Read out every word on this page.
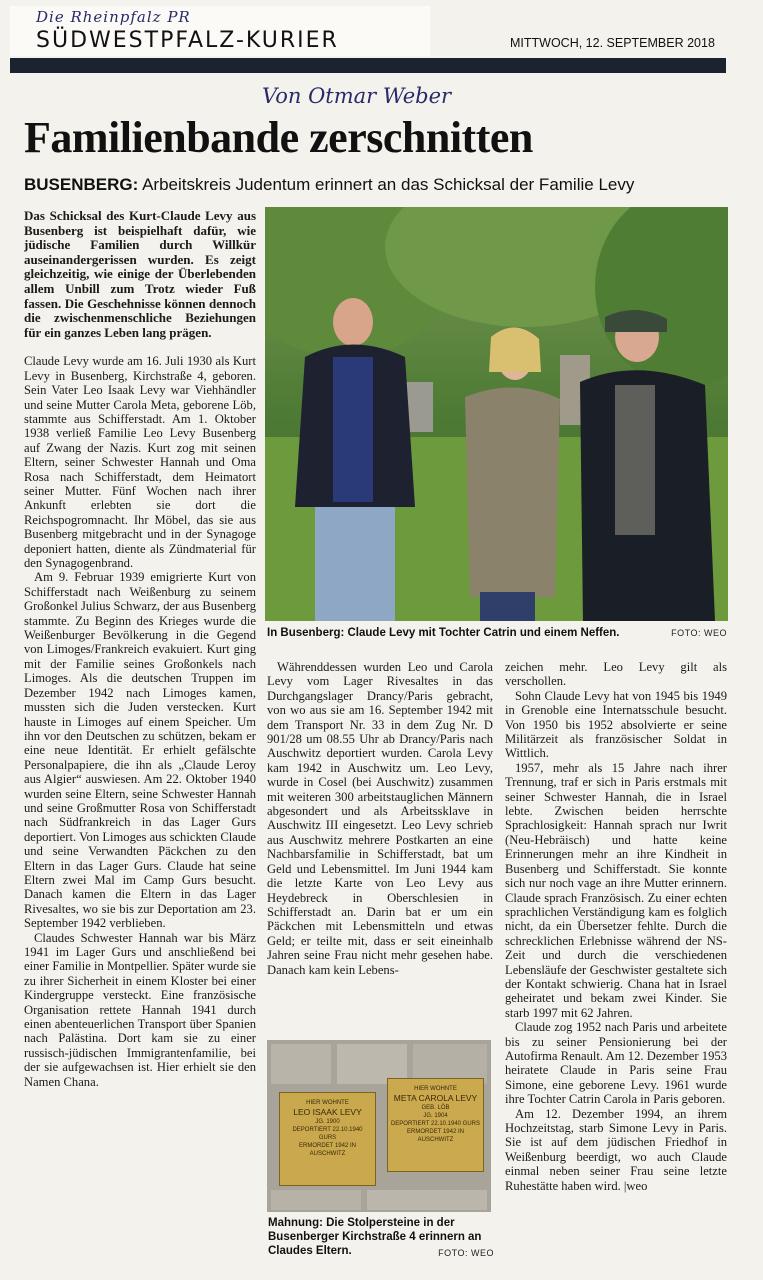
Die Rheinpfalz PR
SÜDWESTPFALZ-KURIER	MITTWOCH, 12. SEPTEMBER 2018
Von Otmar Weber
Familienbande zerschnitten
BUSENBERG: Arbeitskreis Judentum erinnert an das Schicksal der Familie Levy

Das Schicksal des Kurt-Claude Levy aus Busenberg ist beispielhaft dafür, wie jüdische Familien durch Willkür auseinandergerissen wurden. Es zeigt gleichzeitig, wie einige der Überlebenden allem Unbill zum Trotz wieder Fuß fassen. Die Geschehnisse können dennoch die zwischenmenschliche Beziehungen für ein ganzes Leben lang prägen.

Claude Levy wurde am 16. Juli 1930 als Kurt Levy in Busenberg, Kirchstraße 4, geboren. Sein Vater Leo Isaak Levy war Viehhändler und seine Mutter Carola Meta, geborene Löb, stammte aus Schifferstadt. Am 1. Oktober 1938 verließ Familie Leo Levy Busenberg auf Zwang der Nazis. Kurt zog mit seinen Eltern, seiner Schwester Hannah und Oma Rosa nach Schifferstadt, dem Heimatort seiner Mutter. Fünf Wochen nach ihrer Ankunft erlebten sie dort die Reichspogromnacht. Ihr Möbel, das sie aus Busenberg mitgebracht und in der Synagoge deponiert hatten, diente als Zündmaterial für den Synagogenbrand.

Am 9. Februar 1939 emigrierte Kurt von Schifferstadt nach Weißenburg zu seinem Großonkel Julius Schwarz, der aus Busenberg stammte. Zu Beginn des Krieges wurde die Weißenburger Bevölkerung in die Gegend von Limoges/Frankreich evakuiert. Kurt ging mit der Familie seines Großonkels nach Limoges. Als die deutschen Truppen im Dezember 1942 nach Limoges kamen, mussten sich die Juden verstecken. Kurt hauste in Limoges auf einem Speicher. Um ihn vor den Deutschen zu schützen, bekam er eine neue Identität. Er erhielt gefälschte Personalpapiere, die ihn als „Claude Leroy aus Algier“ auswiesen. Am 22. Oktober 1940 wurden seine Eltern, seine Schwester Hannah und seine Großmutter Rosa von Schifferstadt nach Südfrankreich in das Lager Gurs deportiert. Von Limoges aus schickten Claude und seine Verwandten Päckchen zu den Eltern in das Lager Gurs. Claude hat seine Eltern zwei Mal im Camp Gurs besucht. Danach kamen die Eltern in das Lager Rivesaltes, wo sie bis zur Deportation am 23. September 1942 verblieben.

Claudes Schwester Hannah war bis März 1941 im Lager Gurs und anschließend bei einer Familie in Montpellier. Später wurde sie zu ihrer Sicherheit in einem Kloster bei einer Kindergruppe versteckt. Eine französische Organisation rettete Hannah 1941 durch einen abenteuerlichen Transport über Spanien nach Palästina. Dort kam sie zu einer russisch-jüdischen Immigrantenfamilie, bei der sie aufgewachsen ist. Hier erhielt sie den Namen Chana.

In Busenberg: Claude Levy mit Tochter Catrin und einem Neffen.	FOTO: WEO

Währenddessen wurden Leo und Carola Levy vom Lager Rivesaltes in das Durchgangslager Drancy/Paris gebracht, von wo aus sie am 16. September 1942 mit dem Transport Nr. 33 in dem Zug Nr. D 901/28 um 08.55 Uhr ab Drancy/Paris nach Auschwitz deportiert wurden. Carola Levy kam 1942 in Auschwitz um. Leo Levy, wurde in Cosel (bei Auschwitz) zusammen mit weiteren 300 arbeitstauglichen Männern abgesondert und als Arbeitssklave in Auschwitz III eingesetzt. Leo Levy schrieb aus Auschwitz mehrere Postkarten an eine Nachbarsfamilie in Schifferstadt, bat um Geld und Lebensmittel. Im Juni 1944 kam die letzte Karte von Leo Levy aus Heydebreck in Oberschlesien in Schifferstadt an. Darin bat er um ein Päckchen mit Lebensmitteln und etwas Geld; er teilte mit, dass er seit eineinhalb Jahren seine Frau nicht mehr gesehen habe. Danach kam kein Lebens-

HIER WOHNTE
LEO ISAAK LEVY
JG. 1900
DEPORTIERT 22.10.1940
GURS
ERMORDET 1942 IN
AUSCHWITZ
HIER WOHNTE
META CAROLA LEVY
GEB. LÖB
JG. 1904
DEPORTIERT 22.10.1940 GURS
ERMORDET 1942 IN
AUSCHWITZ
Mahnung: Die Stolpersteine in der Busenberger Kirchstraße 4 erinnern an Claudes Eltern.	FOTO: WEO

zeichen mehr. Leo Levy gilt als verschollen.

Sohn Claude Levy hat von 1945 bis 1949 in Grenoble eine Internatsschule besucht. Von 1950 bis 1952 absolvierte er seine Militärzeit als französischer Soldat in Wittlich.

1957, mehr als 15 Jahre nach ihrer Trennung, traf er sich in Paris erstmals mit seiner Schwester Hannah, die in Israel lebte. Zwischen beiden herrschte Sprachlosigkeit: Hannah sprach nur Iwrit (Neu-Hebräisch) und hatte keine Erinnerungen mehr an ihre Kindheit in Busenberg und Schifferstadt. Sie konnte sich nur noch vage an ihre Mutter erinnern. Claude sprach Französisch. Zu einer echten sprachlichen Verständigung kam es folglich nicht, da ein Übersetzer fehlte. Durch die schrecklichen Erlebnisse während der NS-Zeit und durch die verschiedenen Lebensläufe der Geschwister gestaltete sich der Kontakt schwierig. Chana hat in Israel geheiratet und bekam zwei Kinder. Sie starb 1997 mit 62 Jahren.

Claude zog 1952 nach Paris und arbeitete bis zu seiner Pensionierung bei der Autofirma Renault. Am 12. Dezember 1953 heiratete Claude in Paris seine Frau Simone, eine geborene Levy. 1961 wurde ihre Tochter Catrin Carola in Paris geboren.

Am 12. Dezember 1994, an ihrem Hochzeitstag, starb Simone Levy in Paris. Sie ist auf dem jüdischen Friedhof in Weißenburg beerdigt, wo auch Claude einmal neben seiner Frau seine letzte Ruhestätte haben wird. |weo
